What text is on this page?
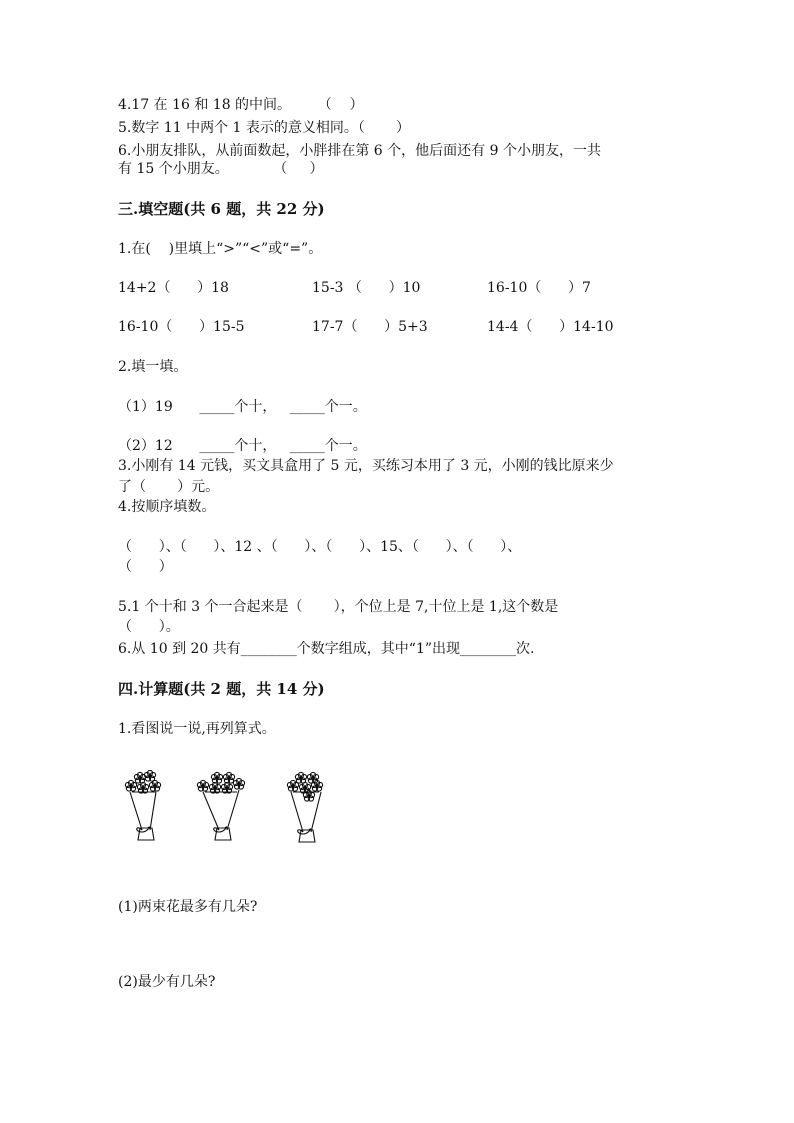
4.17 在 16 和 18 的中间。      （    ）
5.数字 11 中两个 1 表示的意义相同。（       ）
6.小朋友排队，从前面数起，小胖排在第 6 个，他后面还有 9 个小朋友，一共
有 15 个小朋友。          （     ）
三.填空题(共 6 题，共 22 分)
1.在(    )里填上“>”“<”或“=”。
14+2（      ）18	15-3 （      ）10	16-10（      ）7
16-10（      ）15-5	17-7（      ）5+3	14-4（      ）14-10
2.填一填。
（1）19      _____个十，   _____个一。
（2）12      _____个十，   _____个一。
3.小刚有 14 元钱，买文具盒用了 5 元，买练习本用了 3 元，小刚的钱比原来少
了（       ）元。
4.按顺序填数。
（      ）、（      ）、12 、（      ）、（      ）、15、（      ）、（      ）、
（      ）
5.1 个十和 3 个一合起来是（       ），个位上是 7,十位上是 1,这个数是
（      ）。
6.从 10 到 20 共有________个数字组成，其中“1”出现________次.
四.计算题(共 2 题，共 14 分)
1.看图说一说,再列算式。
(1)两束花最多有几朵?
(2)最少有几朵?
